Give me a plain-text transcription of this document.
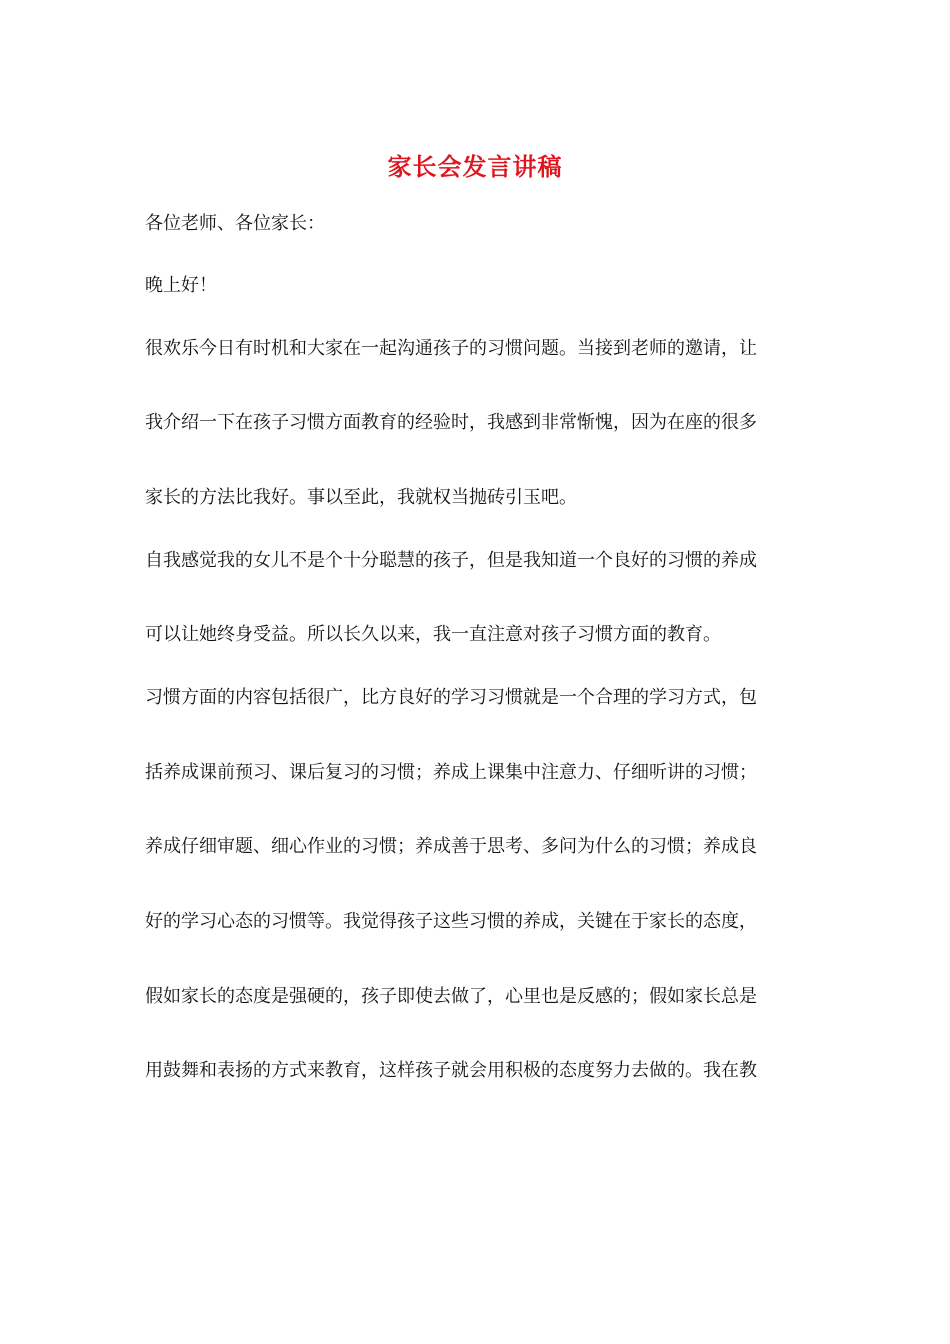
家长会发言讲稿
各位老师、各位家长：
晚上好！
很欢乐今日有时机和大家在一起沟通孩子的习惯问题。当接到老师的邀请，让
我介绍一下在孩子习惯方面教育的经验时，我感到非常惭愧，因为在座的很多
家长的方法比我好。事以至此，我就权当抛砖引玉吧。
自我感觉我的女儿不是个十分聪慧的孩子，但是我知道一个良好的习惯的养成
可以让她终身受益。所以长久以来，我一直注意对孩子习惯方面的教育。
习惯方面的内容包括很广，比方良好的学习习惯就是一个合理的学习方式，包
括养成课前预习、课后复习的习惯；养成上课集中注意力、仔细听讲的习惯；
养成仔细审题、细心作业的习惯；养成善于思考、多问为什么的习惯；养成良
好的学习心态的习惯等。我觉得孩子这些习惯的养成，关键在于家长的态度，
假如家长的态度是强硬的，孩子即使去做了，心里也是反感的；假如家长总是
用鼓舞和表扬的方式来教育，这样孩子就会用积极的态度努力去做的。我在教
